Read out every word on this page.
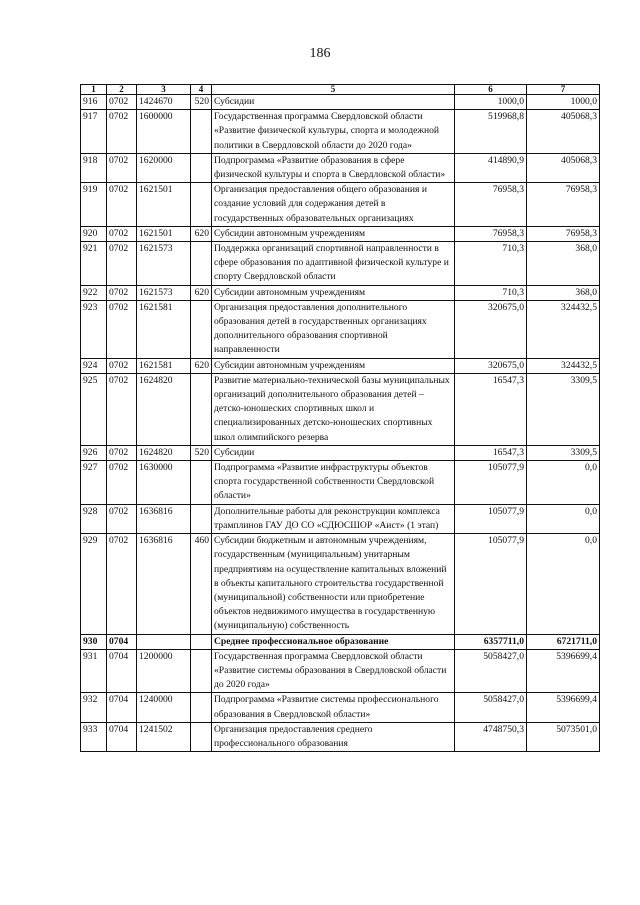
186
1	2	3	4	5	6	7
916	0702	1424670	520	Субсидии	1000,0	1000,0
917	0702	1600000		Государственная программа Свердловской области «Развитие физической культуры, спорта и молодежной политики в Свердловской области до 2020 года»	519968,8	405068,3
918	0702	1620000		Подпрограмма «Развитие образования в сфере физической культуры и спорта в Свердловской области»	414890,9	405068,3
919	0702	1621501		Организация предоставления общего образования и создание условий для содержания детей в государственных образовательных организациях	76958,3	76958,3
920	0702	1621501	620	Субсидии автономным учреждениям	76958,3	76958,3
921	0702	1621573		Поддержка организаций спортивной направленности в сфере образования по адаптивной физической культуре и спорту Свердловской области	710,3	368,0
922	0702	1621573	620	Субсидии автономным учреждениям	710,3	368,0
923	0702	1621581		Организация предоставления дополнительного образования детей в государственных организациях дополнительного образования спортивной направленности	320675,0	324432,5
924	0702	1621581	620	Субсидии автономным учреждениям	320675,0	324432,5
925	0702	1624820		Развитие материально-технической базы муниципальных организаций дополнительного образования детей – детско-юношеских спортивных школ и специализированных детско-юношеских спортивных школ олимпийского резерва	16547,3	3309,5
926	0702	1624820	520	Субсидии	16547,3	3309,5
927	0702	1630000		Подпрограмма «Развитие инфраструктуры объектов спорта государственной собственности Свердловской области»	105077,9	0,0
928	0702	1636816		Дополнительные работы для реконструкции комплекса трамплинов ГАУ ДО СО «СДЮСШОР «Аист» (1 этап)	105077,9	0,0
929	0702	1636816	460	Субсидии бюджетным и автономным учреждениям, государственным (муниципальным) унитарным предприятиям на осуществление капитальных вложений в объекты капитального строительства государственной (муниципальной) собственности или приобретение объектов недвижимого имущества в государственную (муниципальную) собственность	105077,9	0,0
930	0704			Среднее профессиональное образование	6357711,0	6721711,0
931	0704	1200000		Государственная программа Свердловской области «Развитие системы образования в Свердловской области до 2020 года»	5058427,0	5396699,4
932	0704	1240000		Подпрограмма «Развитие системы профессионального образования в Свердловской области»	5058427,0	5396699,4
933	0704	1241502		Организация предоставления среднего профессионального образования	4748750,3	5073501,0
